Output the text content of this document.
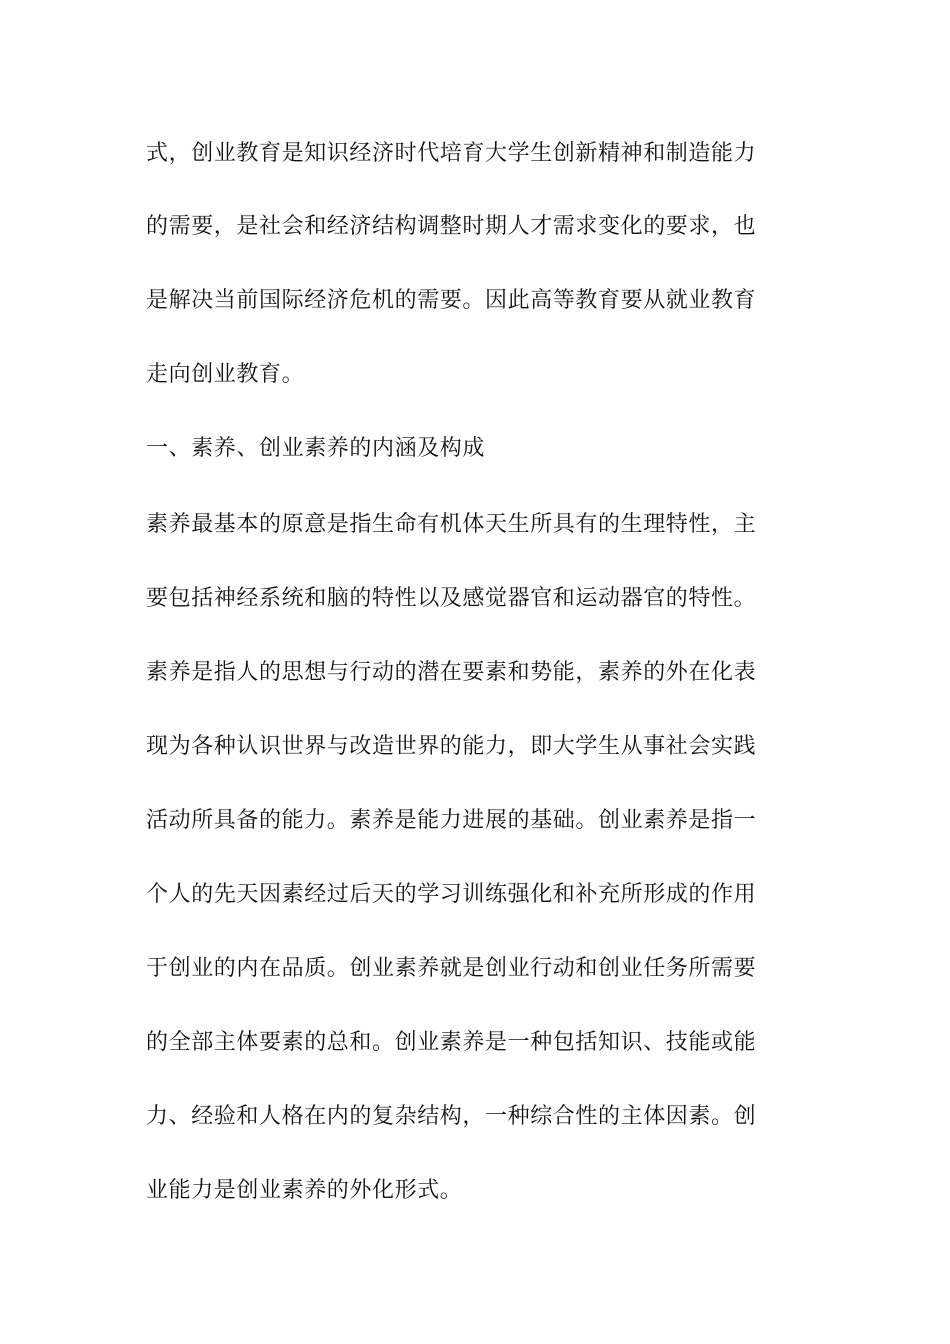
式，创业教育是知识经济时代培育大学生创新精神和制造能力
的需要，是社会和经济结构调整时期人才需求变化的要求，也
是解决当前国际经济危机的需要。因此高等教育要从就业教育
走向创业教育。
一、素养、创业素养的内涵及构成
素养最基本的原意是指生命有机体天生所具有的生理特性，主
要包括神经系统和脑的特性以及感觉器官和运动器官的特性。
素养是指人的思想与行动的潜在要素和势能，素养的外在化表
现为各种认识世界与改造世界的能力，即大学生从事社会实践
活动所具备的能力。素养是能力进展的基础。创业素养是指一
个人的先天因素经过后天的学习训练强化和补充所形成的作用
于创业的内在品质。创业素养就是创业行动和创业任务所需要
的全部主体要素的总和。创业素养是一种包括知识、技能或能
力、经验和人格在内的复杂结构，一种综合性的主体因素。创
业能力是创业素养的外化形式。
